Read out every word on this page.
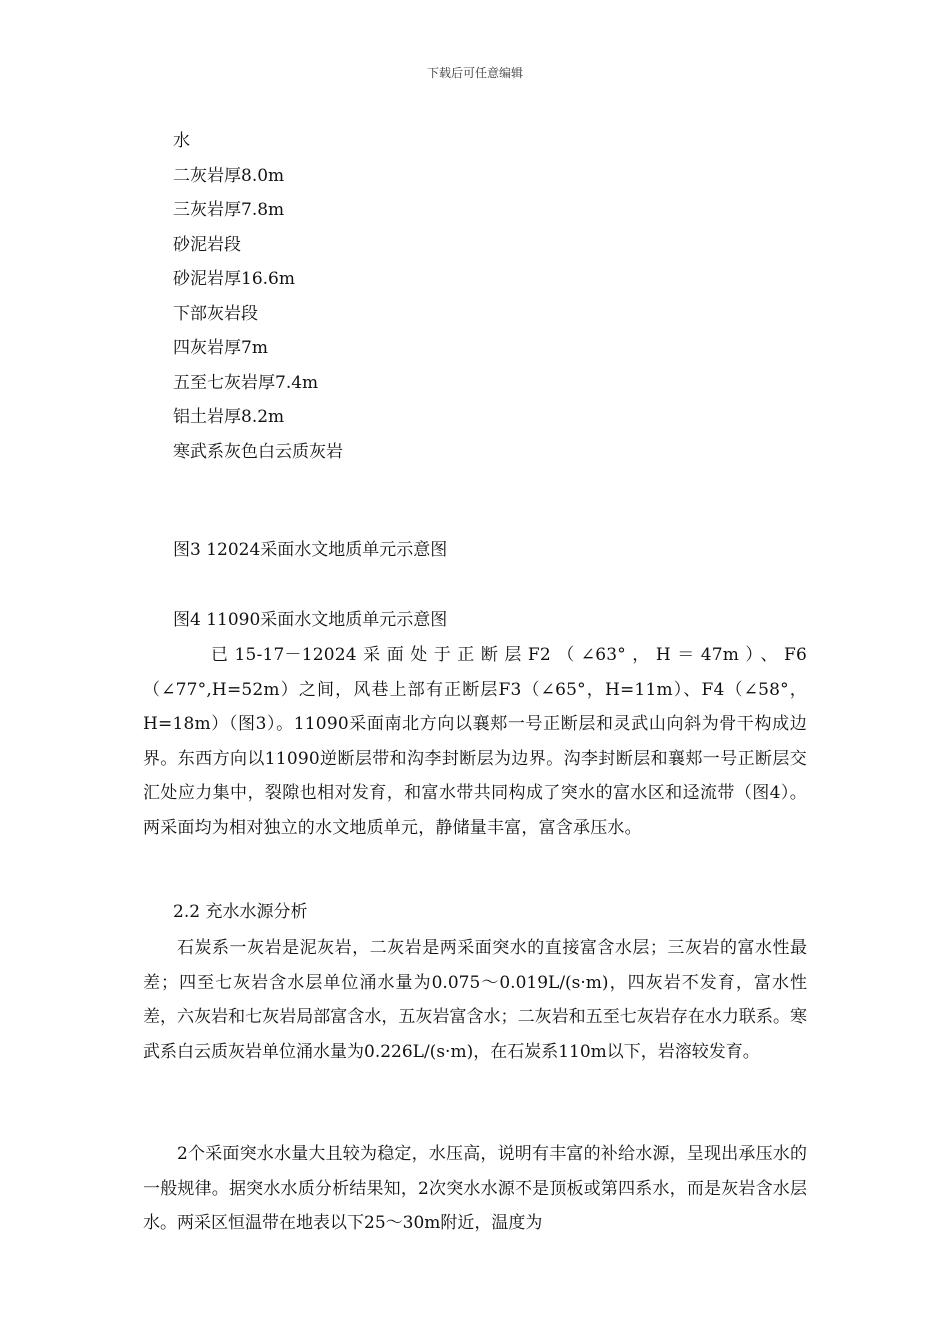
下载后可任意编辑
水
二灰岩厚8.0m
三灰岩厚7.8m
砂泥岩段
砂泥岩厚16.6m
下部灰岩段
四灰岩厚7m
五至七灰岩厚7.4m
铝土岩厚8.2m
寒武系灰色白云质灰岩
图3 12024采面水文地质单元示意图
图4 11090采面水文地质单元示意图

已15-17－12024采面处于正断层F2（∠63°，H＝47m）、F6（∠77°,H=52m）之间，风巷上部有正断层F3（∠65°，H=11m）、F4（∠58°，H=18m）（图3）。11090采面南北方向以襄郏一号正断层和灵武山向斜为骨干构成边界。东西方向以11090逆断层带和沟李封断层为边界。沟李封断层和襄郏一号正断层交汇处应力集中，裂隙也相对发育，和富水带共同构成了突水的富水区和迳流带（图4）。两采面均为相对独立的水文地质单元，静储量丰富，富含承压水。

2.2 充水水源分析

石炭系一灰岩是泥灰岩，二灰岩是两采面突水的直接富含水层；三灰岩的富水性最差；四至七灰岩含水层单位涌水量为0.075～0.019L/(s·m)，四灰岩不发育，富水性差，六灰岩和七灰岩局部富含水，五灰岩富含水；二灰岩和五至七灰岩存在水力联系。寒武系白云质灰岩单位涌水量为0.226L/(s·m)，在石炭系110m以下，岩溶较发育。

2个采面突水水量大且较为稳定，水压高，说明有丰富的补给水源，呈现出承压水的一般规律。据突水水质分析结果知，2次突水水源不是顶板或第四系水，而是灰岩含水层水。两采区恒温带在地表以下25～30m附近，温度为
